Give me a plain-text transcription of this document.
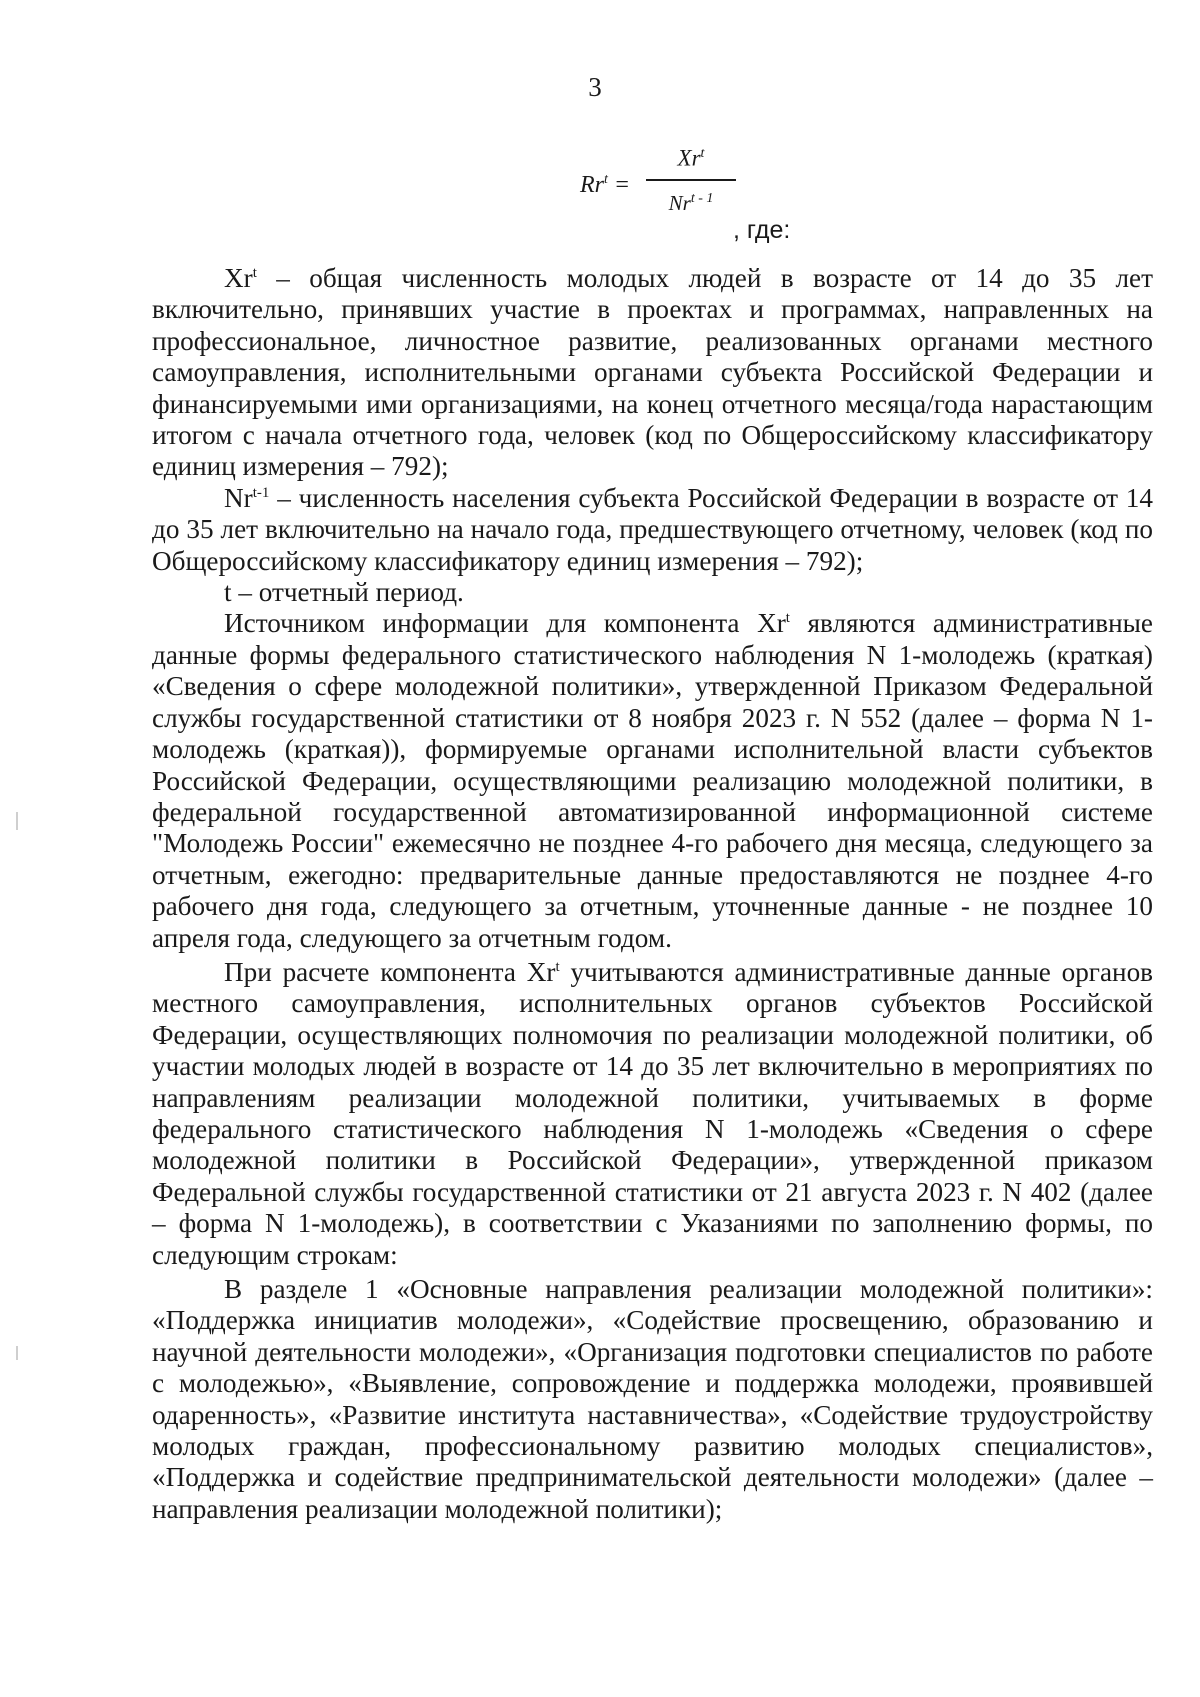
3
$Rr^t$ =
$Xr^t$
Nr$^{t - 1}$
, где:

Xr$^t$ – общая численность молодых людей в возрасте от 14 до 35 лет включительно, принявших участие в проектах и программах, направленных на профессиональное, личностное развитие, реализованных органами местного самоуправления, исполнительными органами субъекта Российской Федерации и финансируемыми ими организациями, на конец отчетного месяца/года нарастающим итогом с начала отчетного года, человек (код по Общероссийскому классификатору единиц измерения – 792);

Nr$^{t-1}$ – численность населения субъекта Российской Федерации в возрасте от 14 до 35 лет включительно на начало года, предшествующего отчетному, человек (код по Общероссийскому классификатору единиц измерения – 792);

t – отчетный период.

Источником информации для компонента Xr$^t$ являются административные данные формы федерального статистического наблюдения N 1-молодежь (краткая) «Сведения о сфере молодежной политики», утвержденной Приказом Федеральной службы государственной статистики от 8 ноября 2023 г. N 552 (далее – форма N 1-молодежь (краткая)), формируемые органами исполнительной власти субъектов Российской Федерации, осуществляющими реализацию молодежной политики, в федеральной государственной автоматизированной информационной системе "Молодежь России" ежемесячно не позднее 4-го рабочего дня месяца, следующего за отчетным, ежегодно: предварительные данные предоставляются не позднее 4-го рабочего дня года, следующего за отчетным, уточненные данные - не позднее 10 апреля года, следующего за отчетным годом.

При расчете компонента Xr$^t$ учитываются административные данные органов местного самоуправления, исполнительных органов субъектов Российской Федерации, осуществляющих полномочия по реализации молодежной политики, об участии молодых людей в возрасте от 14 до 35 лет включительно в мероприятиях по направлениям реализации молодежной политики, учитываемых в форме федерального статистического наблюдения N 1-молодежь «Сведения о сфере молодежной политики в Российской Федерации», утвержденной приказом Федеральной службы государственной статистики от 21 августа 2023 г. N 402 (далее – форма N 1-молодежь), в соответствии с Указаниями по заполнению формы, по следующим строкам:

В разделе 1 «Основные направления реализации молодежной политики»: «Поддержка инициатив молодежи», «Содействие просвещению, образованию и научной деятельности молодежи», «Организация подготовки специалистов по работе с молодежью», «Выявление, сопровождение и поддержка молодежи, проявившей одаренность», «Развитие института наставничества», «Содействие трудоустройству молодых граждан, профессиональному развитию молодых специалистов», «Поддержка и содействие предпринимательской деятельности молодежи» (далее – направления реализации молодежной политики);
